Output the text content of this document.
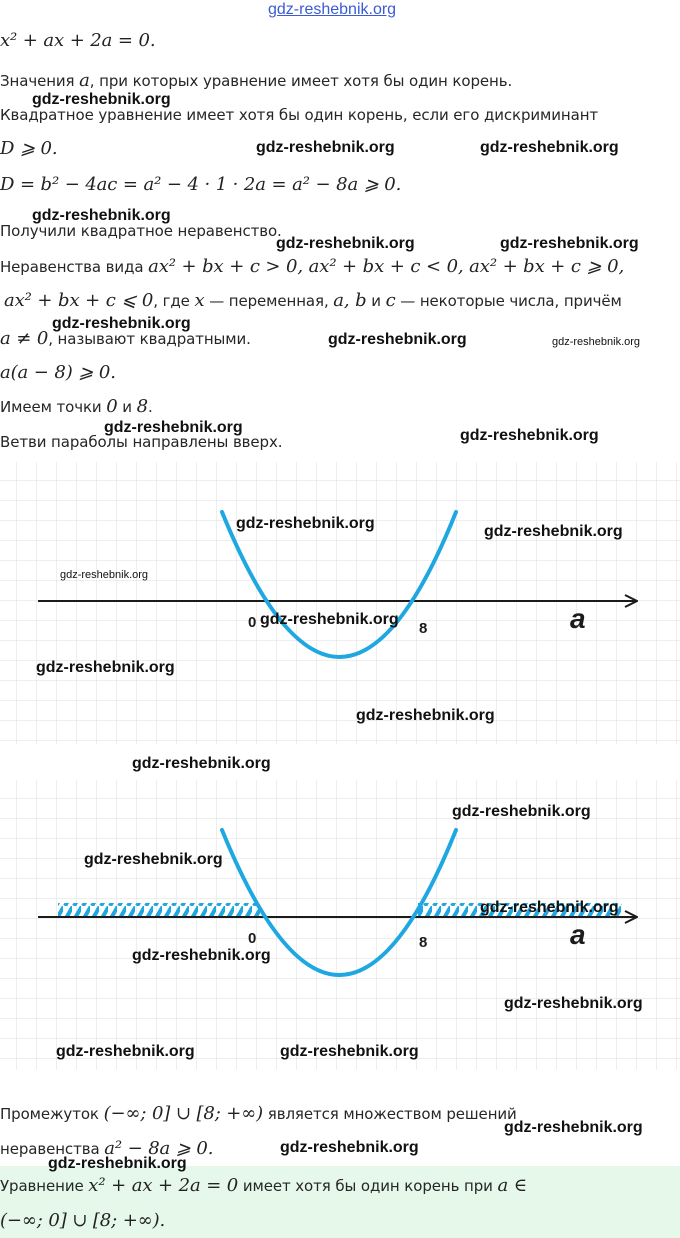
gdz-reshebnik.org
x² + ax + 2a = 0.
Значения a, при которых уравнение имеет хотя бы один корень.
gdz-reshebnik.org
Квадратное уравнение имеет хотя бы один корень, если его дискриминант
D ⩾ 0.	gdz-reshebnik.org	gdz-reshebnik.org
D = b² − 4ac = a² − 4 · 1 · 2a = a² − 8a ⩾ 0.
gdz-reshebnik.org
Получили квадратное неравенство.
gdz-reshebnik.org	gdz-reshebnik.org
Неравенства вида ax² + bx + c > 0, ax² + bx + c < 0, ax² + bx + c ⩾ 0,
ax² + bx + c ⩽ 0, где x — переменная, a, b и c — некоторые числа, причём
gdz-reshebnik.org
a ≠ 0, называют квадратными.	gdz-reshebnik.org	gdz-reshebnik.org
a(a − 8) ⩾ 0.
Имеем точки 0 и 8.
gdz-reshebnik.org
Ветви параболы направлены вверх.	gdz-reshebnik.org
0	8	a
gdz-reshebnik.org	gdz-reshebnik.org
gdz-reshebnik.org
gdz-reshebnik.org
gdz-reshebnik.org
gdz-reshebnik.org
gdz-reshebnik.org
0	8	a
gdz-reshebnik.org
gdz-reshebnik.org
gdz-reshebnik.org
gdz-reshebnik.org
gdz-reshebnik.org
gdz-reshebnik.org	gdz-reshebnik.org
Промежуток (−∞; 0] ∪ [8; +∞) является множеством решений
gdz-reshebnik.org
неравенства a² − 8a ⩾ 0.	gdz-reshebnik.org
Уравнение x² + ax + 2a = 0 имеет хотя бы один корень при a ∈
(−∞; 0] ∪ [8; +∞).
gdz-reshebnik.org
